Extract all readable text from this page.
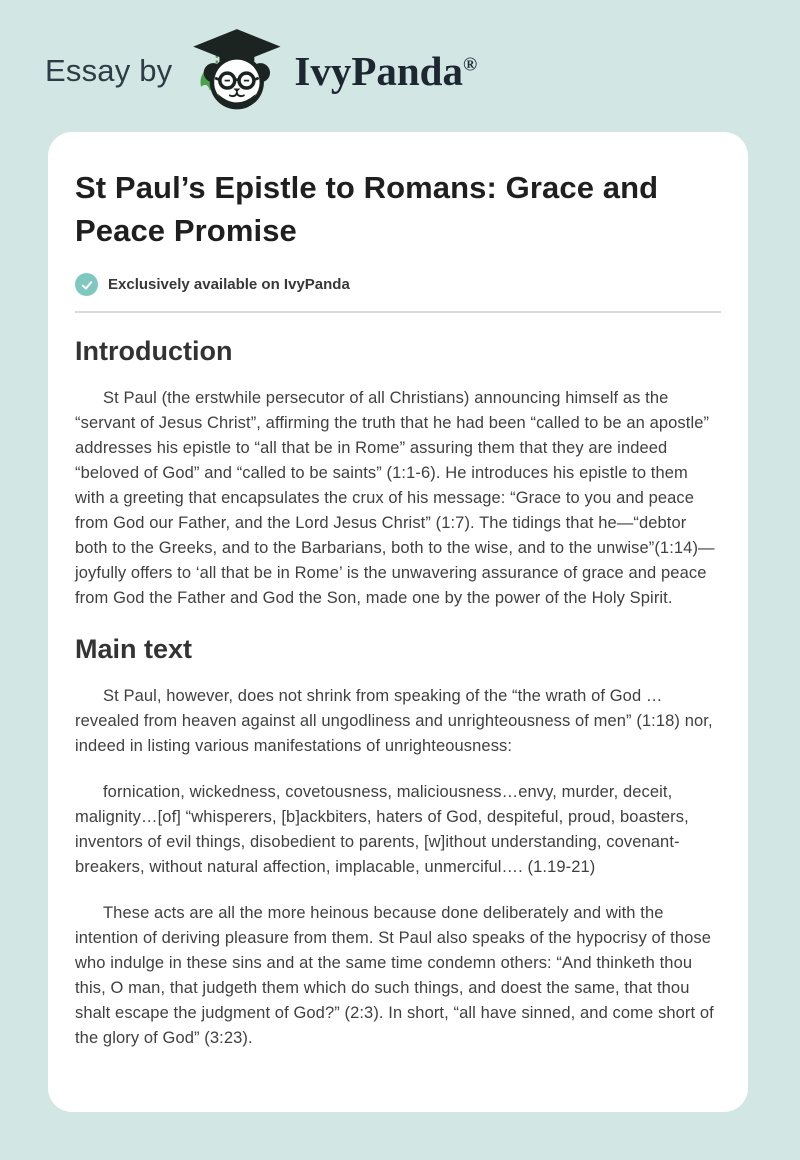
Essay by	IvyPanda®
St Paul’s Epistle to Romans: Grace and Peace Promise
Exclusively available on IvyPanda
Introduction

St Paul (the erstwhile persecutor of all Christians) announcing himself as the “servant of Jesus Christ”, affirming the truth that he had been “called to be an apostle” addresses his epistle to “all that be in Rome” assuring them that they are indeed “beloved of God” and “called to be saints” (1:1-6). He introduces his epistle to them with a greeting that encapsulates the crux of his message: “Grace to you and peace from God our Father, and the Lord Jesus Christ” (1:7). The tidings that he—“debtor both to the Greeks, and to the Barbarians, both to the wise, and to the unwise”(1:14)—joyfully offers to ‘all that be in Rome’ is the unwavering assurance of grace and peace from God the Father and God the Son, made one by the power of the Holy Spirit.

Main text

St Paul, however, does not shrink from speaking of the “the wrath of God … revealed from heaven against all ungodliness and unrighteousness of men” (1:18) nor, indeed in listing various manifestations of unrighteousness:

fornication, wickedness, covetousness, maliciousness…envy, murder, deceit, malignity…[of] “whisperers, [b]ackbiters, haters of God, despiteful, proud, boasters, inventors of evil things, disobedient to parents, [w]ithout understanding, covenant-breakers, without natural affection, implacable, unmerciful…. (1.19-21)

These acts are all the more heinous because done deliberately and with the intention of deriving pleasure from them. St Paul also speaks of the hypocrisy of those who indulge in these sins and at the same time condemn others: “And thinketh thou this, O man, that judgeth them which do such things, and doest the same, that thou shalt escape the judgment of God?” (2:3). In short, “all have sinned, and come short of the glory of God” (3:23).
